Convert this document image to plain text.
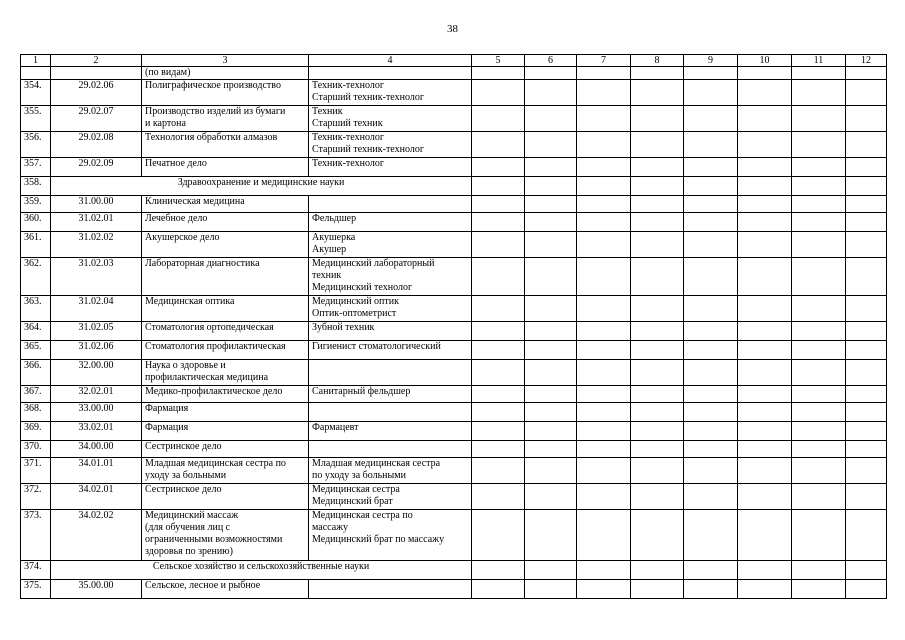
38
1	2	3	4	5	6	7	8	9	10	11	12

		(по видам)									

354.	29.02.06	Полиграфическое производство	Техник-технолог
Старший техник-технолог								

355.	29.02.07	Производство изделий из бумаги
и картона	Техник
Старший техник								

356.	29.02.08	Технология обработки алмазов	Техник-технолог
Старший техник-технолог								

357.	29.02.09	Печатное дело	Техник-технолог								

358.	Здравоохранение и медицинские науки										
359.	31.00.00	Клиническая медицина									

360.	31.02.01	Лечебное дело	Фельдшер								

361.	31.02.02	Акушерское дело	Акушерка
Акушер								

362.	31.02.03	Лабораторная диагностика	Медицинский лабораторный
техник
Медицинский технолог								

363.	31.02.04	Медицинская оптика	Медицинский оптик
Оптик-оптометрист								

364.	31.02.05	Стоматология ортопедическая	Зубной техник								

365.	31.02.06	Стоматология профилактическая	Гигиенист стоматологический								

366.	32.00.00	Наука о здоровье и
профилактическая медицина									

367.	32.02.01	Медико-профилактическое дело	Санитарный фельдшер								

368.	33.00.00	Фармация									

369.	33.02.01	Фармация	Фармацевт								

370.	34.00.00	Сестринское дело									

371.	34.01.01	Младшая медицинская сестра по
уходу за больными	Младшая медицинская сестра
по уходу за больными								

372.	34.02.01	Сестринское дело	Медицинская сестра
Медицинский брат								

373.	34.02.02	Медицинский массаж
(для обучения лиц с
ограниченными возможностями
здоровья по зрению)	Медицинская сестра по
массажу
Медицинский брат по массажу								

374.	Сельское хозяйство и сельскохозяйственные науки										
375.	35.00.00	Сельское, лесное и рыбное									
